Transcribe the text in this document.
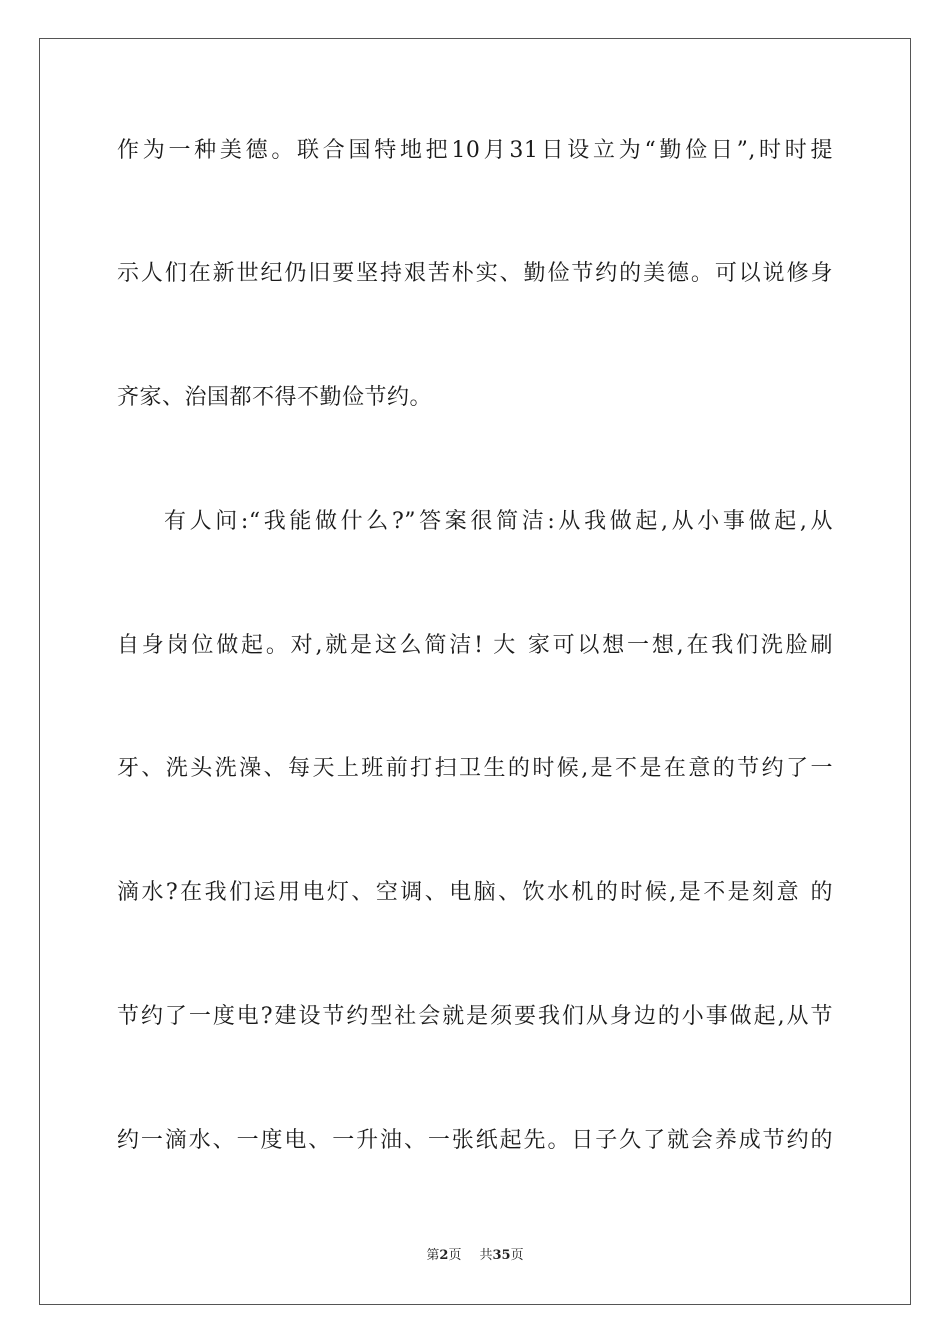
作为一种美德。联合国特地把10月31日设立为“勤俭日”,时时提
示人们在新世纪仍旧要坚持艰苦朴实、勤俭节约的美德。可以说修身
齐家、治国都不得不勤俭节约。
有人问:“我能做什么?”答案很简洁:从我做起,从小事做起,从
自身岗位做起。对,就是这么简洁! 大 家可以想一想,在我们洗脸刷
牙、洗头洗澡、每天上班前打扫卫生的时候,是不是在意的节约了一
滴水?在我们运用电灯、空调、电脑、饮水机的时候,是不是刻意 的
节约了一度电?建设节约型社会就是须要我们从身边的小事做起,从节
约一滴水、一度电、一升油、一张纸起先。日子久了就会养成节约的
第2页 共35页
